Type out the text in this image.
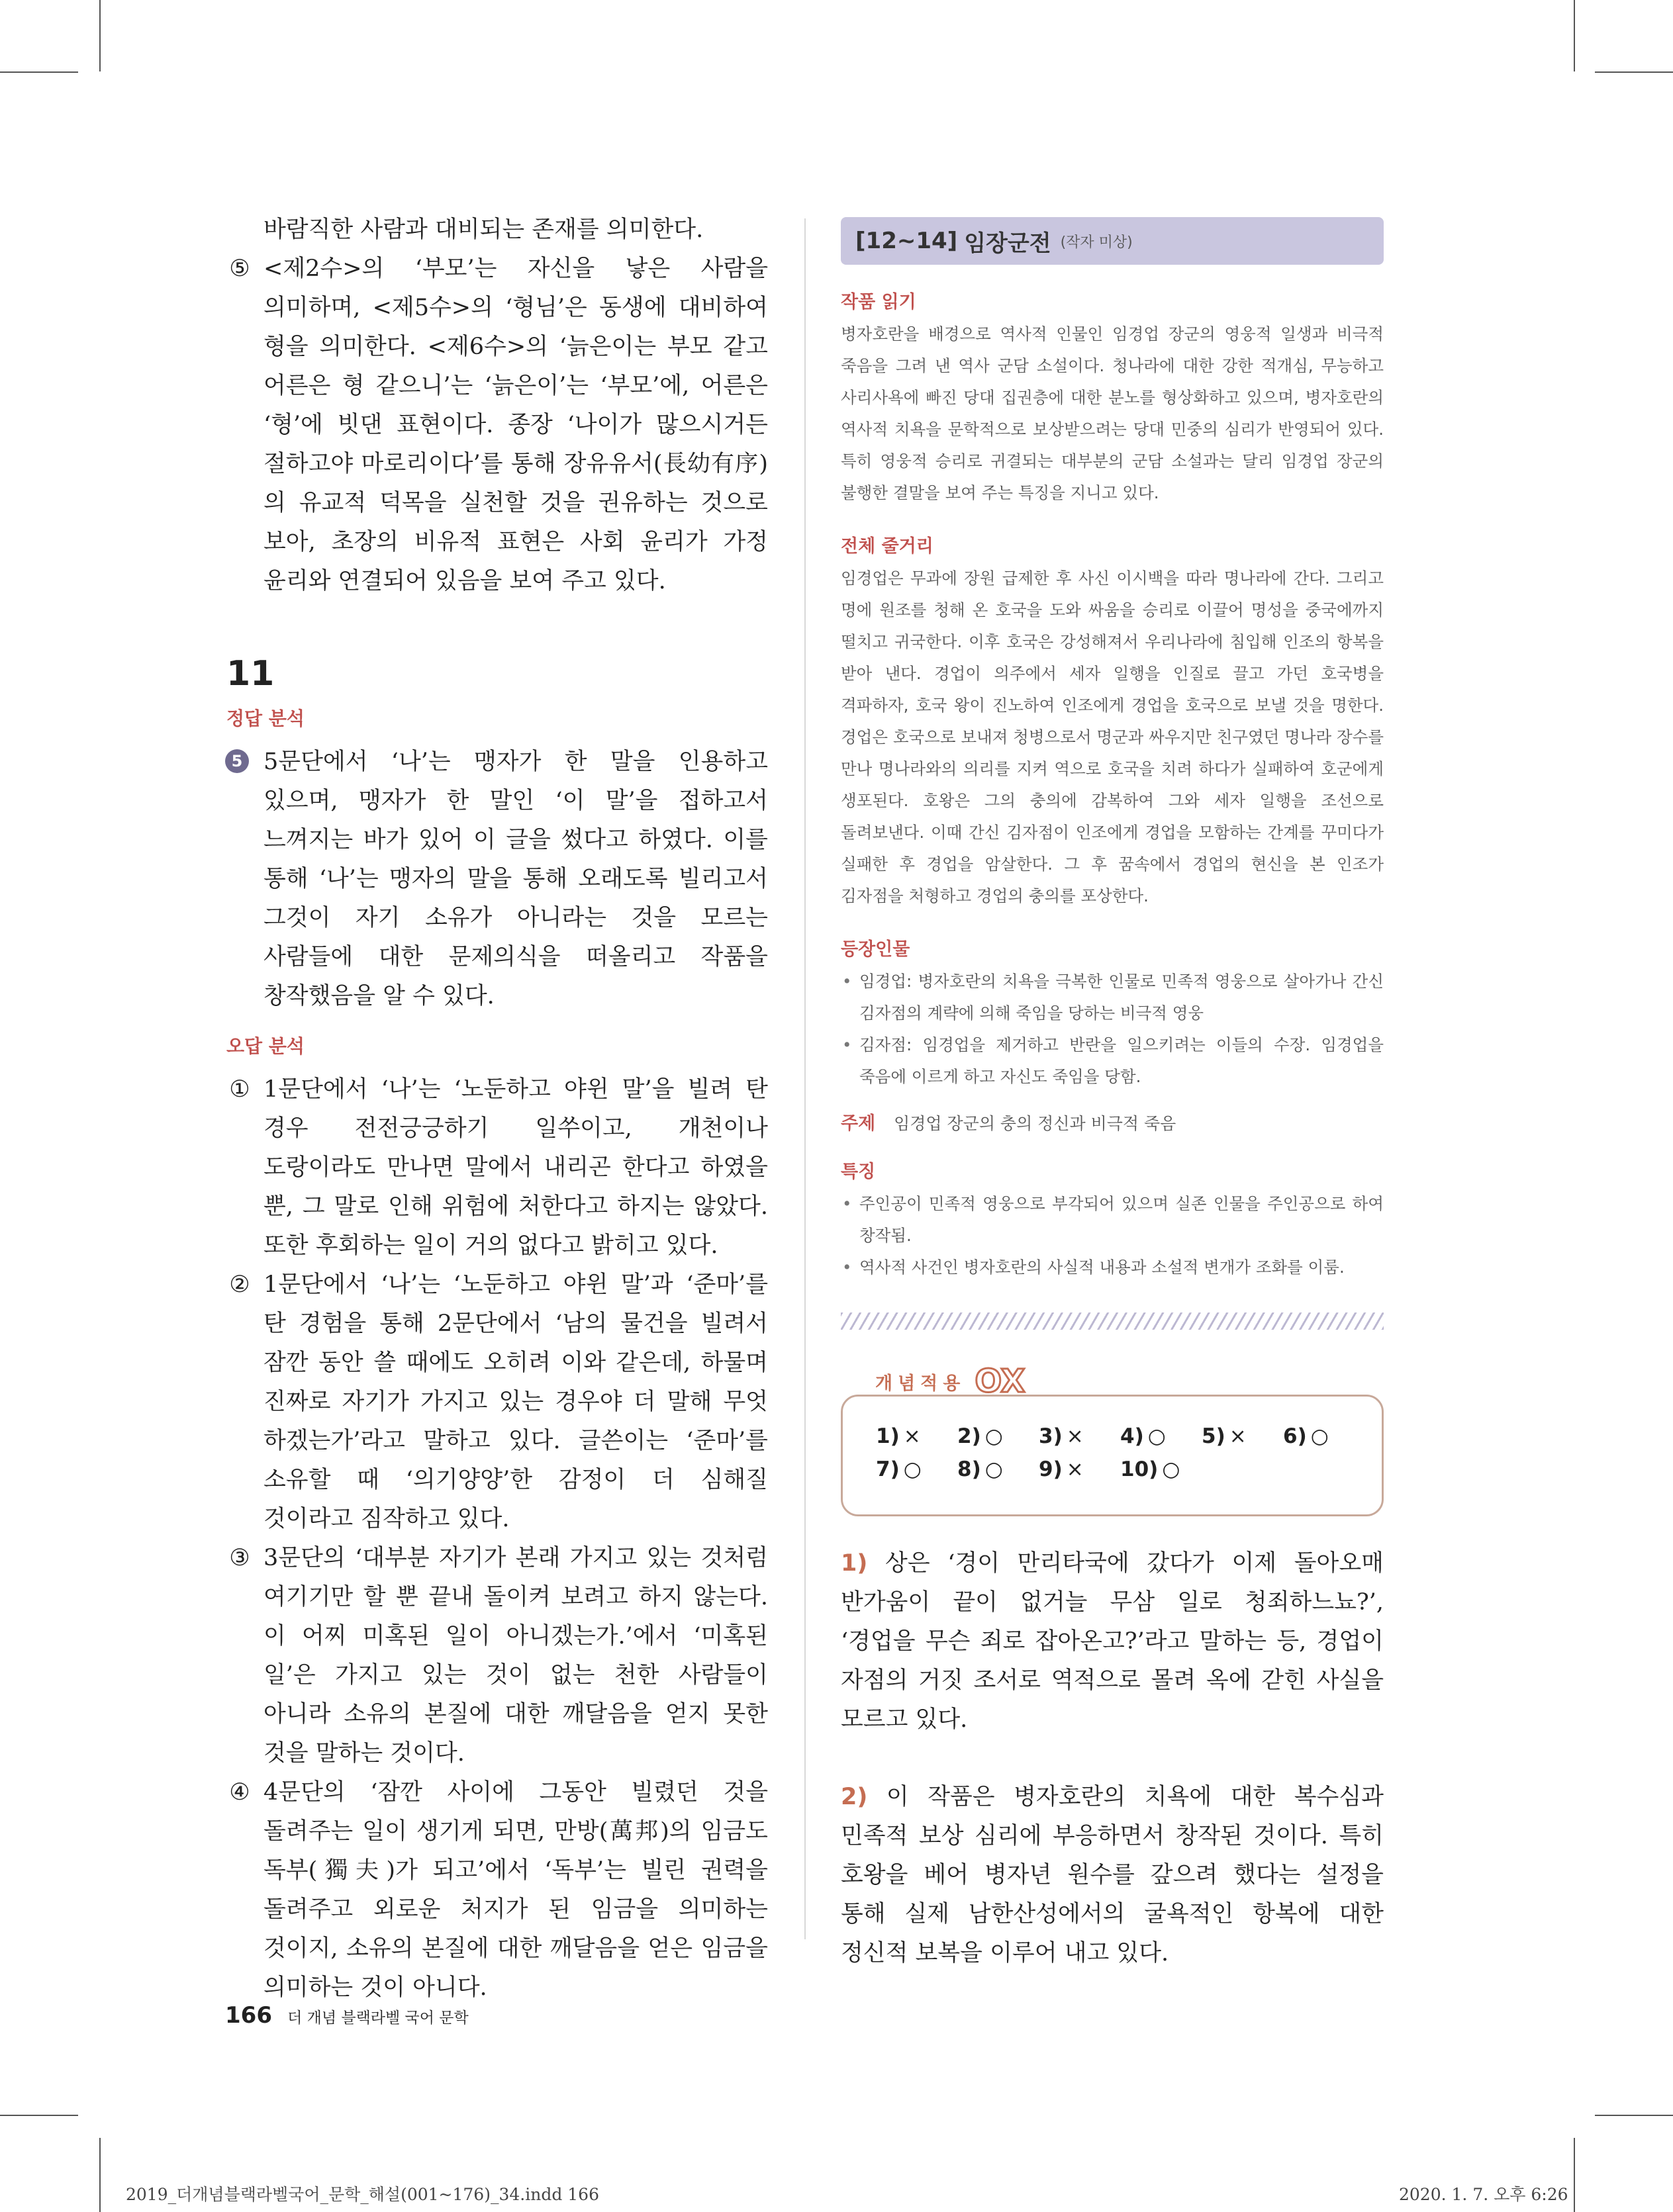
바람직한 사람과 대비되는 존재를 의미한다.

⑤ <제2수>의 ‘부모’는 자신을 낳은 사람을 의미하며, <제5수>의 ‘형님’은 동생에 대비하여 형을 의미한다. <제6수>의 ‘늙은이는 부모 같고 어른은 형 같으니’는 ‘늙은이’는 ‘부모’에, 어른은 ‘형’에 빗댄 표현이다. 종장 ‘나이가 많으시거든 절하고야 마로리이다’를 통해 장유유서(長幼有序)의 유교적 덕목을 실천할 것을 권유하는 것으로 보아, 초장의 비유적 표현은 사회 윤리가 가정 윤리와 연결되어 있음을 보여 주고 있다.

11
정답 분석
5 5문단에서 ‘나’는 맹자가 한 말을 인용하고 있으며, 맹자가 한 말인 ‘이 말’을 접하고서 느껴지는 바가 있어 이 글을 썼다고 하였다. 이를 통해 ‘나’는 맹자의 말을 통해 오래도록 빌리고서 그것이 자기 소유가 아니라는 것을 모르는 사람들에 대한 문제의식을 떠올리고 작품을 창작했음을 알 수 있다.

오답 분석
① 1문단에서 ‘나’는 ‘노둔하고 야윈 말’을 빌려 탄 경우 전전긍긍하기 일쑤이고, 개천이나 도랑이라도 만나면 말에서 내리곤 한다고 하였을 뿐, 그 말로 인해 위험에 처한다고 하지는 않았다. 또한 후회하는 일이 거의 없다고 밝히고 있다.

② 1문단에서 ‘나’는 ‘노둔하고 야윈 말’과 ‘준마’를 탄 경험을 통해 2문단에서 ‘남의 물건을 빌려서 잠깐 동안 쓸 때에도 오히려 이와 같은데, 하물며 진짜로 자기가 가지고 있는 경우야 더 말해 무엇 하겠는가’라고 말하고 있다. 글쓴이는 ‘준마’를 소유할 때 ‘의기양양’한 감정이 더 심해질 것이라고 짐작하고 있다.

③ 3문단의 ‘대부분 자기가 본래 가지고 있는 것처럼 여기기만 할 뿐 끝내 돌이켜 보려고 하지 않는다. 이 어찌 미혹된 일이 아니겠는가.’에서 ‘미혹된 일’은 가지고 있는 것이 없는 천한 사람들이 아니라 소유의 본질에 대한 깨달음을 얻지 못한 것을 말하는 것이다.

④ 4문단의 ‘잠깐 사이에 그동안 빌렸던 것을 돌려주는 일이 생기게 되면, 만방(萬邦)의 임금도 독부(獨夫)가 되고’에서 ‘독부’는 빌린 권력을 돌려주고 외로운 처지가 된 임금을 의미하는 것이지, 소유의 본질에 대한 깨달음을 얻은 임금을 의미하는 것이 아니다.

[12~14] 임장군전 (작자 미상)
작품 읽기

병자호란을 배경으로 역사적 인물인 임경업 장군의 영웅적 일생과 비극적 죽음을 그려 낸 역사 군담 소설이다. 청나라에 대한 강한 적개심, 무능하고 사리사욕에 빠진 당대 집권층에 대한 분노를 형상화하고 있으며, 병자호란의 역사적 치욕을 문학적으로 보상받으려는 당대 민중의 심리가 반영되어 있다. 특히 영웅적 승리로 귀결되는 대부분의 군담 소설과는 달리 임경업 장군의 불행한 결말을 보여 주는 특징을 지니고 있다.

전체 줄거리

임경업은 무과에 장원 급제한 후 사신 이시백을 따라 명나라에 간다. 그리고 명에 원조를 청해 온 호국을 도와 싸움을 승리로 이끌어 명성을 중국에까지 떨치고 귀국한다. 이후 호국은 강성해져서 우리나라에 침입해 인조의 항복을 받아 낸다. 경업이 의주에서 세자 일행을 인질로 끌고 가던 호국병을 격파하자, 호국 왕이 진노하여 인조에게 경업을 호국으로 보낼 것을 명한다. 경업은 호국으로 보내져 청병으로서 명군과 싸우지만 친구였던 명나라 장수를 만나 명나라와의 의리를 지켜 역으로 호국을 치려 하다가 실패하여 호군에게 생포된다. 호왕은 그의 충의에 감복하여 그와 세자 일행을 조선으로 돌려보낸다. 이때 간신 김자점이 인조에게 경업을 모함하는 간계를 꾸미다가 실패한 후 경업을 암살한다. 그 후 꿈속에서 경업의 현신을 본 인조가 김자점을 처형하고 경업의 충의를 포상한다.

등장인물

• 임경업: 병자호란의 치욕을 극복한 인물로 민족적 영웅으로 살아가나 간신 김자점의 계략에 의해 죽임을 당하는 비극적 영웅

• 김자점: 임경업을 제거하고 반란을 일으키려는 이들의 수장. 임경업을 죽음에 이르게 하고 자신도 죽임을 당함.

주제 임경업 장군의 충의 정신과 비극적 죽음
특징

• 주인공이 민족적 영웅으로 부각되어 있으며 실존 인물을 주인공으로 하여 창작됨.

• 역사적 사건인 병자호란의 사실적 내용과 소설적 변개가 조화를 이룸.

개념적용 OX
1) ×	2) ○	3) ×	4) ○	5) ×	6) ○
7) ○	8) ○	9) ×	10) ○

1) 상은 ‘경이 만리타국에 갔다가 이제 돌아오매 반가움이 끝이 없거늘 무삼 일로 청죄하느뇨?’, ‘경업을 무슨 죄로 잡아온고?’라고 말하는 등, 경업이 자점의 거짓 조서로 역적으로 몰려 옥에 갇힌 사실을 모르고 있다.

2) 이 작품은 병자호란의 치욕에 대한 복수심과 민족적 보상 심리에 부응하면서 창작된 것이다. 특히 호왕을 베어 병자년 원수를 갚으려 했다는 설정을 통해 실제 남한산성에서의 굴욕적인 항복에 대한 정신적 보복을 이루어 내고 있다.

166 더 개념 블랙라벨 국어 문학
2019_더개념블랙라벨국어_문학_해설(001~176)_34.indd 166	2020. 1. 7. 오후 6:26
